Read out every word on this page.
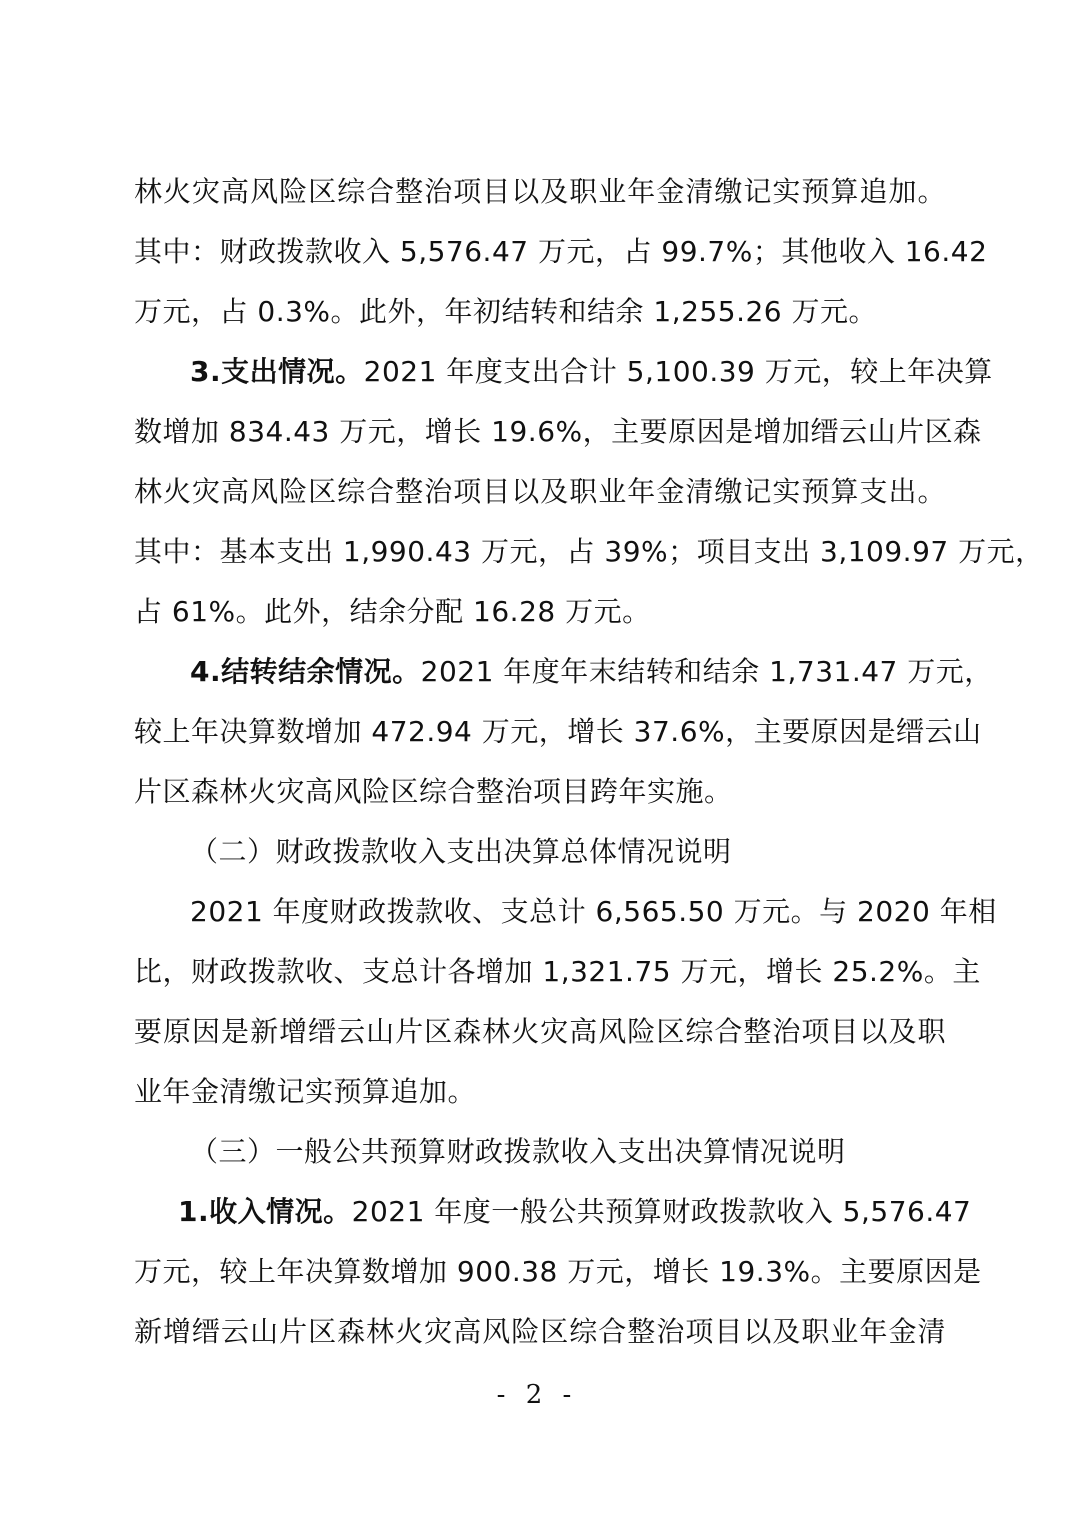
林火灾高风险区综合整治项目以及职业年金清缴记实预算追加。
其中：财政拨款收入 5,576.47 万元，占 99.7%；其他收入 16.42
万元，占 0.3%。此外，年初结转和结余 1,255.26 万元。
3.支出情况。2021 年度支出合计 5,100.39 万元，较上年决算
数增加 834.43 万元，增长 19.6%，主要原因是增加缙云山片区森
林火灾高风险区综合整治项目以及职业年金清缴记实预算支出。
其中：基本支出 1,990.43 万元，占 39%；项目支出 3,109.97 万元，
占 61%。此外，结余分配 16.28 万元。
4.结转结余情况。2021 年度年末结转和结余 1,731.47 万元，
较上年决算数增加 472.94 万元，增长 37.6%，主要原因是缙云山
片区森林火灾高风险区综合整治项目跨年实施。
（二）财政拨款收入支出决算总体情况说明
2021 年度财政拨款收、支总计 6,565.50 万元。与 2020 年相
比，财政拨款收、支总计各增加 1,321.75 万元，增长 25.2%。主
要原因是新增缙云山片区森林火灾高风险区综合整治项目以及职
业年金清缴记实预算追加。
（三）一般公共预算财政拨款收入支出决算情况说明
1.收入情况。2021 年度一般公共预算财政拨款收入 5,576.47
万元，较上年决算数增加 900.38 万元，增长 19.3%。主要原因是
新增缙云山片区森林火灾高风险区综合整治项目以及职业年金清
- 2 -
